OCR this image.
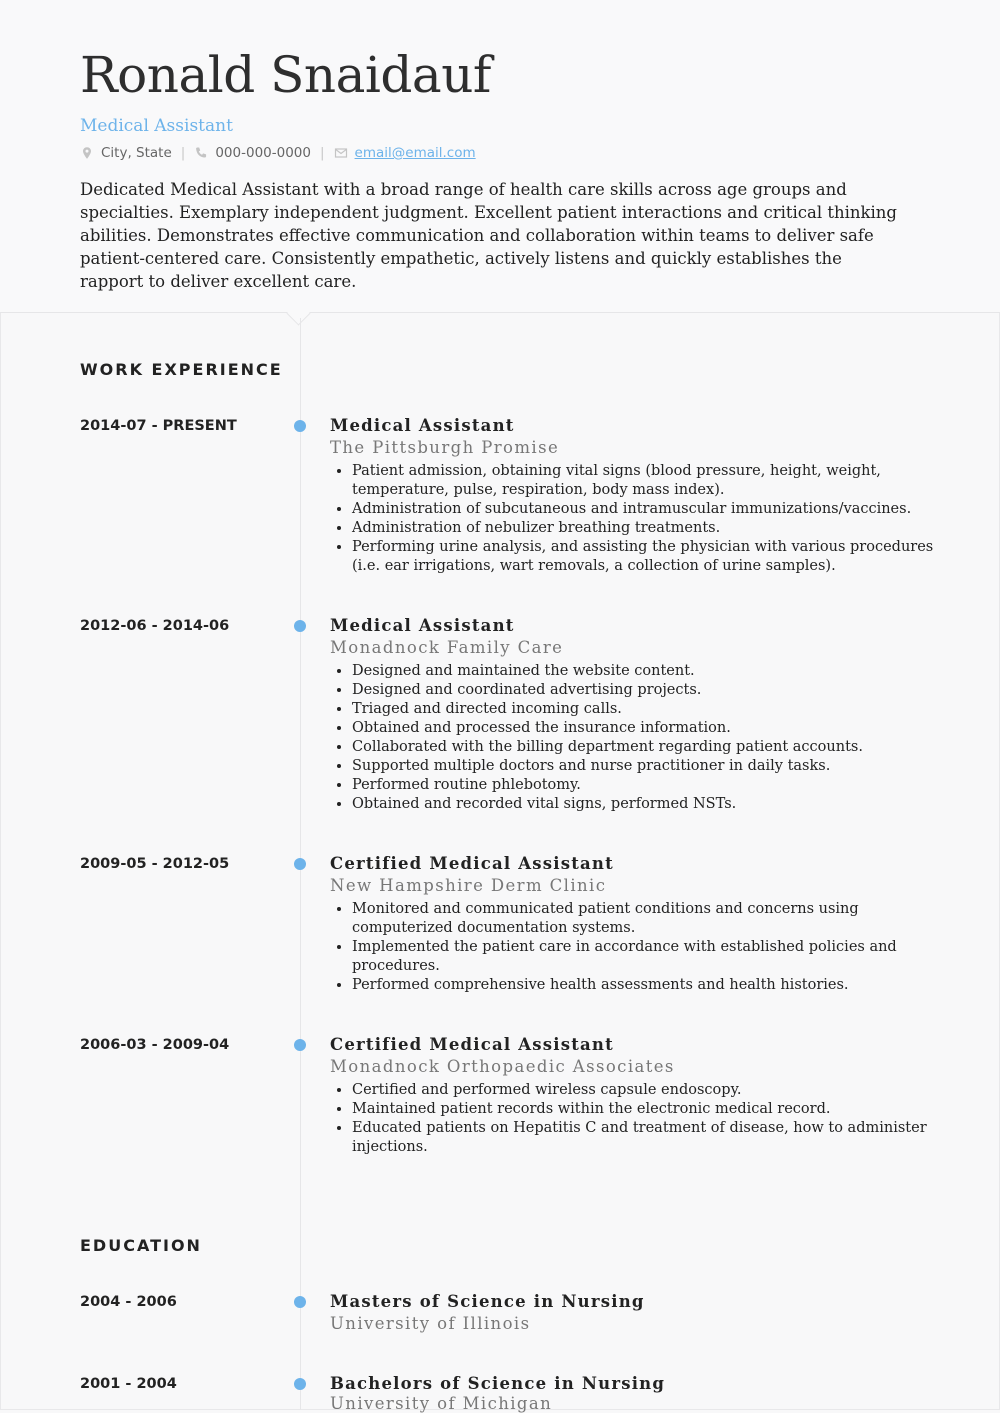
Ronald Snaidauf
Medical Assistant
City, State | 000-000-0000 | email@email.com

Dedicated Medical Assistant with a broad range of health care skills across age groups and specialties. Exemplary independent judgment. Excellent patient interactions and critical thinking abilities. Demonstrates effective communication and collaboration within teams to deliver safe patient-centered care. Consistently empathetic, actively listens and quickly establishes the rapport to deliver excellent care.

WORK EXPERIENCE
2014-07 - PRESENT	Medical Assistant
The Pittsburgh Promise
• Patient admission, obtaining vital signs (blood pressure, height, weight, temperature, pulse, respiration, body mass index).
• Administration of subcutaneous and intramuscular immunizations/vaccines.
• Administration of nebulizer breathing treatments.
• Performing urine analysis, and assisting the physician with various procedures (i.e. ear irrigations, wart removals, a collection of urine samples).
2012-06 - 2014-06	Medical Assistant
Monadnock Family Care
• Designed and maintained the website content.
• Designed and coordinated advertising projects.
• Triaged and directed incoming calls.
• Obtained and processed the insurance information.
• Collaborated with the billing department regarding patient accounts.
• Supported multiple doctors and nurse practitioner in daily tasks.
• Performed routine phlebotomy.
• Obtained and recorded vital signs, performed NSTs.
2009-05 - 2012-05	Certified Medical Assistant
New Hampshire Derm Clinic
• Monitored and communicated patient conditions and concerns using computerized documentation systems.
• Implemented the patient care in accordance with established policies and procedures.
• Performed comprehensive health assessments and health histories.
2006-03 - 2009-04	Certified Medical Assistant
Monadnock Orthopaedic Associates
• Certified and performed wireless capsule endoscopy.
• Maintained patient records within the electronic medical record.
• Educated patients on Hepatitis C and treatment of disease, how to administer injections.
EDUCATION
2004 - 2006	Masters of Science in Nursing
University of Illinois
2001 - 2004	Bachelors of Science in Nursing
University of Michigan
